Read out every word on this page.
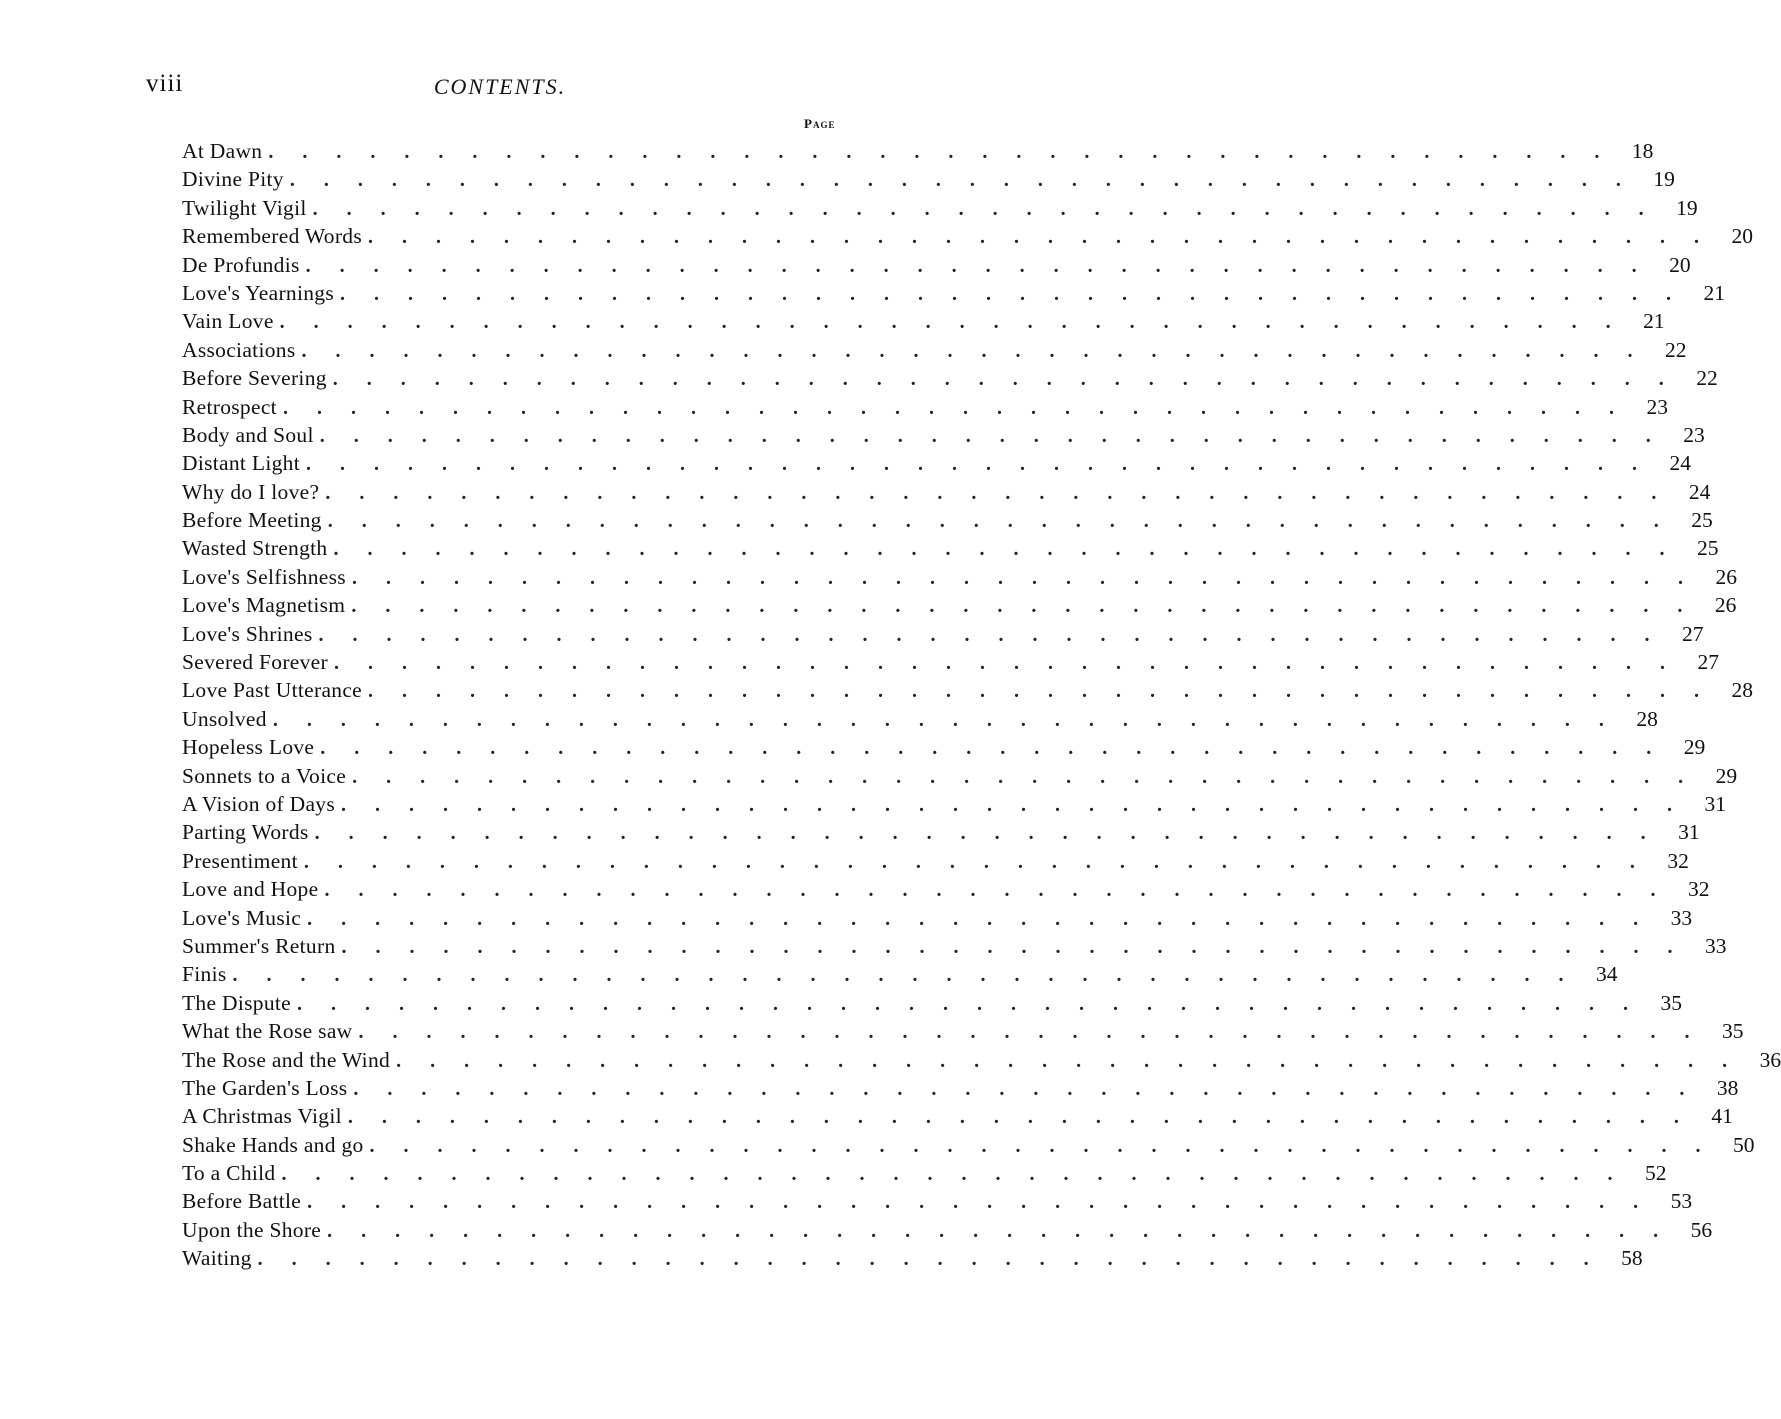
viii	CONTENTS.
Page
At Dawn . . . . . . . . . . . . . . . . . . . . . . . . . . . . . . . . . . . . . . . . 18
Divine Pity . . . . . . . . . . . . . . . . . . . . . . . . . . . . . . . . . . . . . . . . 19
Twilight Vigil . . . . . . . . . . . . . . . . . . . . . . . . . . . . . . . . . . . . . . . . 19
Remembered Words . . . . . . . . . . . . . . . . . . . . . . . . . . . . . . . . . . . . . . . . 20
De Profundis . . . . . . . . . . . . . . . . . . . . . . . . . . . . . . . . . . . . . . . . 20
Love's Yearnings . . . . . . . . . . . . . . . . . . . . . . . . . . . . . . . . . . . . . . . . 21
Vain Love . . . . . . . . . . . . . . . . . . . . . . . . . . . . . . . . . . . . . . . . 21
Associations . . . . . . . . . . . . . . . . . . . . . . . . . . . . . . . . . . . . . . . . 22
Before Severing . . . . . . . . . . . . . . . . . . . . . . . . . . . . . . . . . . . . . . . . 22
Retrospect . . . . . . . . . . . . . . . . . . . . . . . . . . . . . . . . . . . . . . . . 23
Body and Soul . . . . . . . . . . . . . . . . . . . . . . . . . . . . . . . . . . . . . . . . 23
Distant Light . . . . . . . . . . . . . . . . . . . . . . . . . . . . . . . . . . . . . . . . 24
Why do I love? . . . . . . . . . . . . . . . . . . . . . . . . . . . . . . . . . . . . . . . . 24
Before Meeting . . . . . . . . . . . . . . . . . . . . . . . . . . . . . . . . . . . . . . . . 25
Wasted Strength . . . . . . . . . . . . . . . . . . . . . . . . . . . . . . . . . . . . . . . . 25
Love's Selfishness . . . . . . . . . . . . . . . . . . . . . . . . . . . . . . . . . . . . . . . . 26
Love's Magnetism . . . . . . . . . . . . . . . . . . . . . . . . . . . . . . . . . . . . . . . . 26
Love's Shrines . . . . . . . . . . . . . . . . . . . . . . . . . . . . . . . . . . . . . . . . 27
Severed Forever . . . . . . . . . . . . . . . . . . . . . . . . . . . . . . . . . . . . . . . . 27
Love Past Utterance . . . . . . . . . . . . . . . . . . . . . . . . . . . . . . . . . . . . . . . . 28
Unsolved . . . . . . . . . . . . . . . . . . . . . . . . . . . . . . . . . . . . . . . . 28
Hopeless Love . . . . . . . . . . . . . . . . . . . . . . . . . . . . . . . . . . . . . . . . 29
Sonnets to a Voice . . . . . . . . . . . . . . . . . . . . . . . . . . . . . . . . . . . . . . . . 29
A Vision of Days . . . . . . . . . . . . . . . . . . . . . . . . . . . . . . . . . . . . . . . . 31
Parting Words . . . . . . . . . . . . . . . . . . . . . . . . . . . . . . . . . . . . . . . . 31
Presentiment . . . . . . . . . . . . . . . . . . . . . . . . . . . . . . . . . . . . . . . . 32
Love and Hope . . . . . . . . . . . . . . . . . . . . . . . . . . . . . . . . . . . . . . . . 32
Love's Music . . . . . . . . . . . . . . . . . . . . . . . . . . . . . . . . . . . . . . . . 33
Summer's Return . . . . . . . . . . . . . . . . . . . . . . . . . . . . . . . . . . . . . . . . 33
Finis . . . . . . . . . . . . . . . . . . . . . . . . . . . . . . . . . . . . . . . . 34
The Dispute . . . . . . . . . . . . . . . . . . . . . . . . . . . . . . . . . . . . . . . . 35
What the Rose saw . . . . . . . . . . . . . . . . . . . . . . . . . . . . . . . . . . . . . . . . 35
The Rose and the Wind . . . . . . . . . . . . . . . . . . . . . . . . . . . . . . . . . . . . . . . . 36
The Garden's Loss . . . . . . . . . . . . . . . . . . . . . . . . . . . . . . . . . . . . . . . . 38
A Christmas Vigil . . . . . . . . . . . . . . . . . . . . . . . . . . . . . . . . . . . . . . . . 41
Shake Hands and go . . . . . . . . . . . . . . . . . . . . . . . . . . . . . . . . . . . . . . . . 50
To a Child . . . . . . . . . . . . . . . . . . . . . . . . . . . . . . . . . . . . . . . . 52
Before Battle . . . . . . . . . . . . . . . . . . . . . . . . . . . . . . . . . . . . . . . . 53
Upon the Shore . . . . . . . . . . . . . . . . . . . . . . . . . . . . . . . . . . . . . . . . 56
Waiting . . . . . . . . . . . . . . . . . . . . . . . . . . . . . . . . . . . . . . . . 58
